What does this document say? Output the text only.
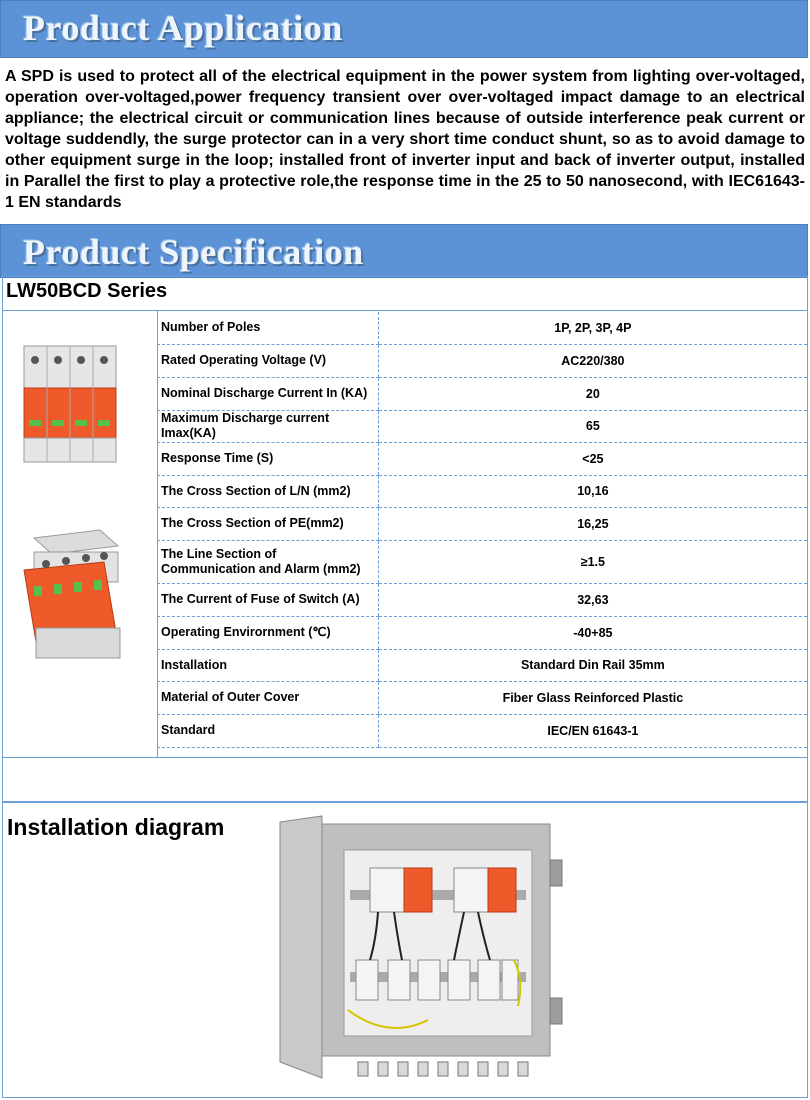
Product Application
A SPD is used to protect all of the electrical equipment in the power system from lighting over-voltaged, operation over-voltaged,power frequency transient over over-voltaged impact damage to an electrical appliance; the electrical circuit or communication lines because of outside interference peak current or voltage suddendly, the surge protector can in a very short time conduct shunt, so as to avoid damage to other equipment surge in the loop; installed front of inverter input and back of inverter output, installed in Parallel the first to play a protective role,the response time in the 25 to 50 nanosecond, with IEC61643-1 EN standards
Product Specification
LW50BCD Series
Number of Poles	1P, 2P, 3P, 4P
Rated Operating Voltage (V)	AC220/380
Nominal Discharge Current In (KA)	20
Maximum Discharge current Imax(KA)	65
Response Time (S)	<25
The Cross Section of L/N (mm2)	10,16
The Cross Section of PE(mm2)	16,25
The Line Section of Communication and Alarm (mm2)	≥1.5
The Current of Fuse of Switch (A)	32,63
Operating Envirornment (℃)	-40+85
Installation	Standard Din Rail 35mm
Material of Outer Cover	Fiber Glass Reinforced Plastic
Standard	IEC/EN 61643-1
Installation diagram
